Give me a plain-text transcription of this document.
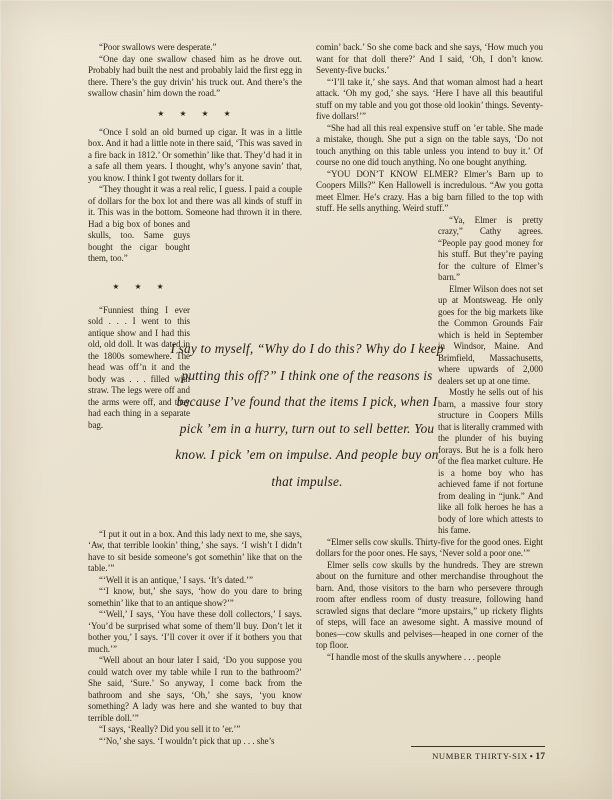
“Poor swallows were desperate.”

“One day one swallow chased him as he drove out. Probably had built the nest and probably laid the first egg in there. There’s the guy drivin’ his truck out. And there’s the swallow chasin’ him down the road.”

★ ★ ★ ★

“Once I sold an old burned up cigar. It was in a little box. And it had a little note in there said, ‘This was saved in a fire back in 1812.’ Or somethin’ like that. They’d had it in a safe all them years. I thought, why’s anyone savin’ that, you know. I think I got twenty dollars for it.

“They thought it was a real relic, I guess. I paid a couple of dollars for the box lot and there was all kinds of stuff in it. This was in the bottom. Someone had thrown it in there. Had a big box of bones and skulls, too. Same guys bought the cigar bought them, too.”

★ ★ ★

“Funniest thing I ever sold . . . I went to this antique show and I had this old, old doll. It was dated in the 1800s somewhere. The head was off’n it and the body was . . . filled with straw. The legs were off and the arms were off, and they had each thing in a separate bag.

“I put it out in a box. And this lady next to me, she says, ‘Aw, that terrible lookin’ thing,’ she says. ‘I wish’t I didn’t have to sit beside someone’s got somethin’ like that on the table.’”

“‘Well it is an antique,’ I says. ‘It’s dated.’”

“‘I know, but,’ she says, ‘how do you dare to bring somethin’ like that to an antique show?’”

“‘Well,’ I says, ‘You have these doll collectors,’ I says. ‘You’d be surprised what some of them’ll buy. Don’t let it bother you,’ I says. ‘I’ll cover it over if it bothers you that much.’”

“Well about an hour later I said, ‘Do you suppose you could watch over my table while I run to the bathroom?’ She said, ‘Sure.’ So anyway, I come back from the bathroom and she says, ‘Oh,’ she says, ‘you know something? A lady was here and she wanted to buy that terrible doll.’”

“I says, ‘Really? Did you sell it to ’er.’”

“‘No,’ she says. ‘I wouldn’t pick that up . . . she’s

comin’ back.’ So she come back and she says, ‘How much you want for that doll there?’ And I said, ‘Oh, I don’t know. Seventy-five bucks.’

“‘I’ll take it,’ she says. And that woman almost had a heart attack. ‘Oh my god,’ she says. ‘Here I have all this beautiful stuff on my table and you got those old lookin’ things. Seventy-five dollars!’”

“She had all this real expensive stuff on ’er table. She made a mistake, though. She put a sign on the table says, ‘Do not touch anything on this table unless you intend to buy it.’ Of course no one did touch anything. No one bought anything.

“YOU DON’T KNOW ELMER? Elmer’s Barn up to Coopers Mills?” Ken Hallowell is incredulous. “Aw you gotta meet Elmer. He’s crazy. Has a big barn filled to the top with stuff. He sells anything. Weird stuff.”

“Ya, Elmer is pretty crazy,” Cathy agrees. “People pay good money for his stuff. But they’re paying for the culture of Elmer’s barn.”

Elmer Wilson does not set up at Montsweag. He only goes for the big markets like the Common Grounds Fair which is held in September in Windsor, Maine. And Brimfield, Massachusetts, where upwards of 2,000 dealers set up at one time.

Mostly he sells out of his barn, a massive four story structure in Coopers Mills that is literally crammed with the plunder of his buying forays. But he is a folk hero of the flea market culture. He is a home boy who has achieved fame if not fortune from dealing in “junk.” And like all folk heroes he has a body of lore which attests to his fame.

“Elmer sells cow skulls. Thirty-five for the good ones. Eight dollars for the poor ones. He says, ‘Never sold a poor one.’”

Elmer sells cow skulls by the hundreds. They are strewn about on the furniture and other merchandise throughout the barn. And, those visitors to the barn who persevere through room after endless room of dusty treasure, following hand scrawled signs that declare “more upstairs,” up rickety flights of steps, will face an awesome sight. A massive mound of bones—cow skulls and pelvises—heaped in one corner of the top floor.

“I handle most of the skulls anywhere . . . people

I say to myself, “Why do I do this? Why do I keep putting this off?” I think one of the reasons is because I’ve found that the items I pick, when I pick ’em in a hurry, turn out to sell better. You know. I pick ’em on impulse. And people buy on that impulse.
NUMBER THIRTY-SIX • 17
